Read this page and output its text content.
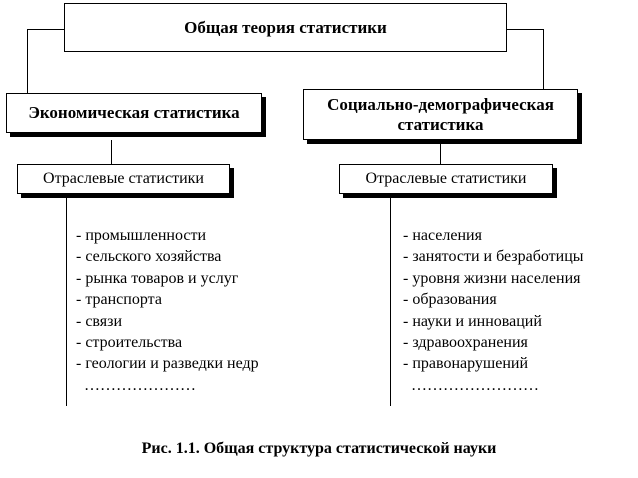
Общая теория статистики
Экономическая статистика
Отраслевые статистики
- промышленности
- сельского хозяйства
- рынка товаров и услуг
- транспорта
- связи
- строительства
- геологии и разведки недр
…………………
Социально-демографическая
статистика
Отраслевые статистики
- населения
- занятости и безработицы
- уровня жизни населения
- образования
- науки и инноваций
- здравоохранения
- правонарушений
……………………
Рис. 1.1. Общая структура статистической науки
